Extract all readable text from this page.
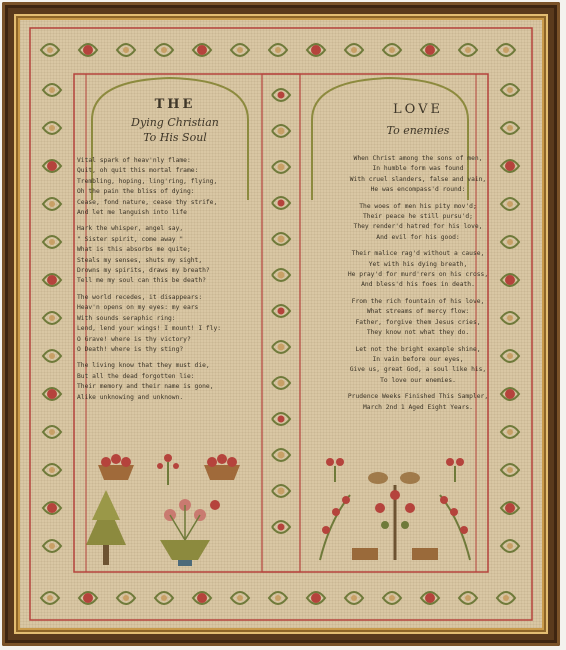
THE
Dying Christian
To His Soul
Vital spark of heav'nly flame:
Quit, oh quit this mortal frame:
Trembling, hoping, ling'ring, flying,
Oh the pain the bliss of dying:
Cease, fond nature, cease thy strife,
And let me languish into life
Hark the whisper, angel say,
" Sister spirit, come away "
What is this absorbs me quite;
Steals my senses, shuts my sight,
Drowns my spirits, draws my breath?
Tell me my soul can this be death?
The world recedes, it disappears:
Heav'n opens on my eyes: my ears
With sounds seraphic ring:
Lend, lend your wings! I mount! I fly:
O Grave! where is thy victory?
O Death! where is thy sting?
The living know that they must die,
But all the dead forgotten lie:
Their memory and their name is gone,
Alike unknowing and unknown.
LOVE
To enemies
When Christ among the sons of men,
In humble form was found
With cruel slanders, false and vain,
He was encompass'd round:
The woes of men his pity mov'd;
Their peace he still pursu'd;
They render'd hatred for his love,
And evil for his good:
Their malice rag'd without a cause,
Yet with his dying breath,
He pray'd for murd'rers on his cross,
And bless'd his foes in death.
From the rich fountain of his love,
What streams of mercy flow:
Father, forgive them Jesus cries,
They know not what they do.
Let not the bright example shine,
In vain before our eyes,
Give us, great God, a soul like his,
To love our enemies.
Prudence Weeks Finished This Sampler,
March 2nd 1 Aged Eight Years.
